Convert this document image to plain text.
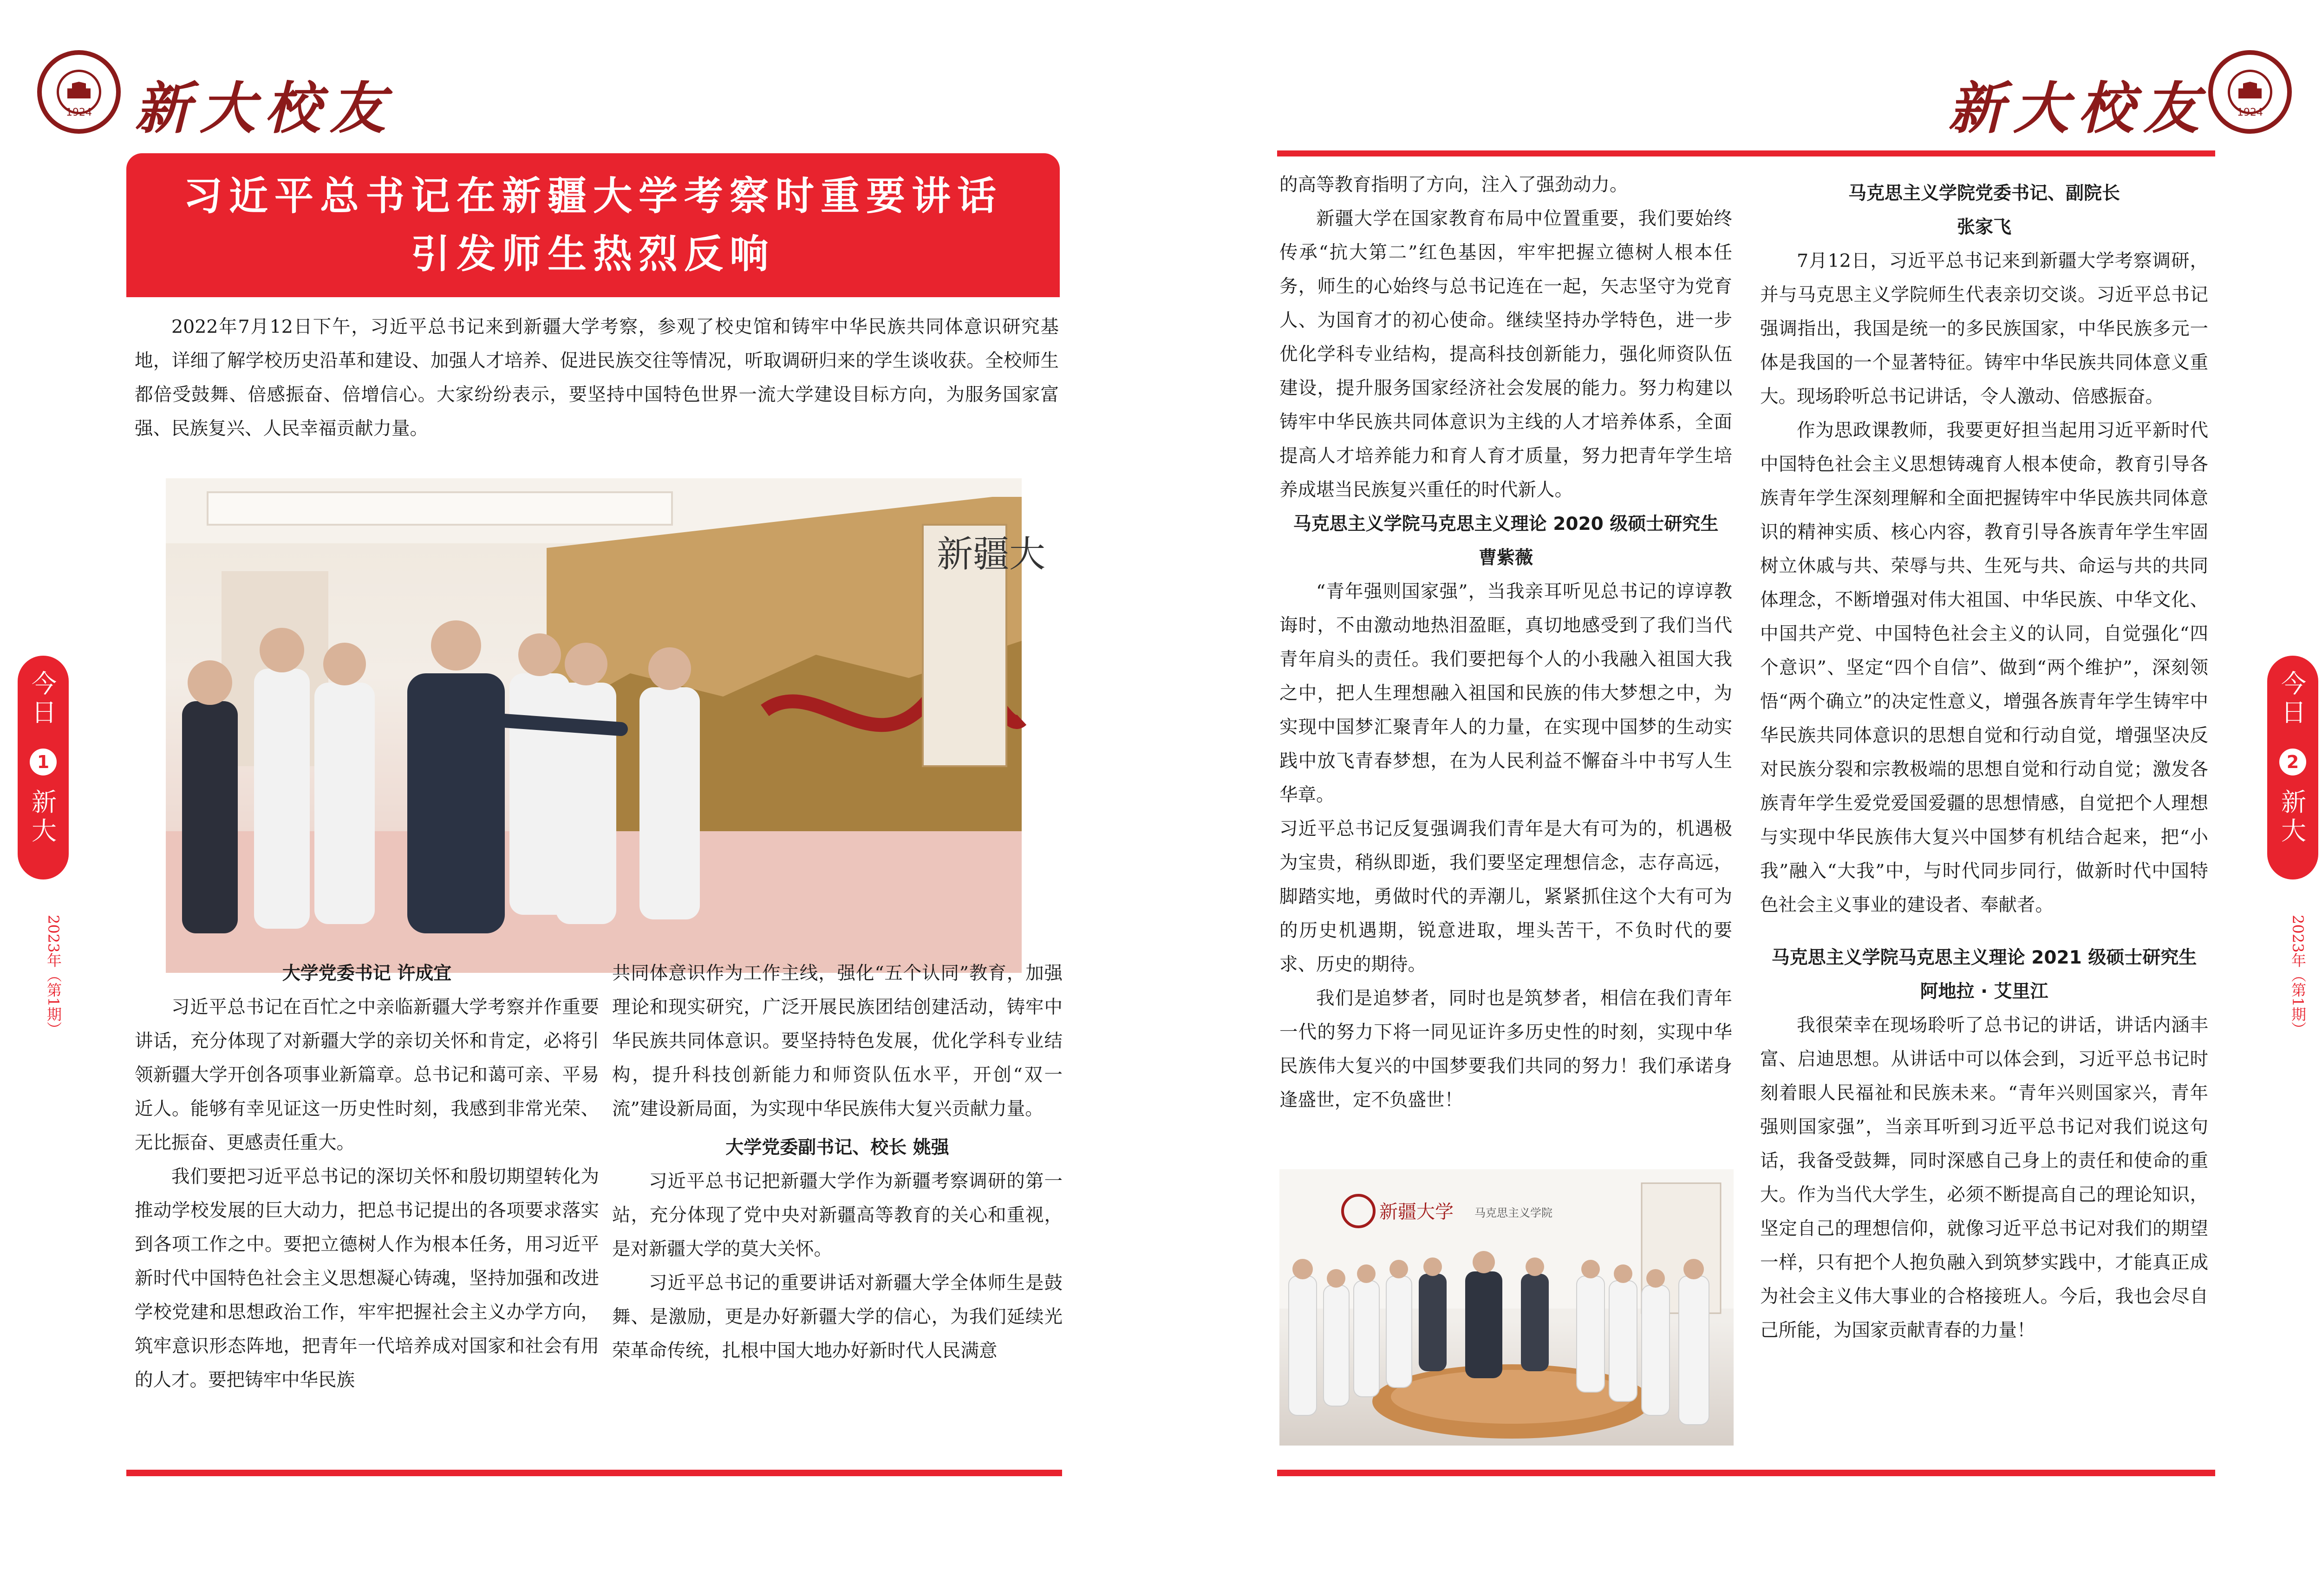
1924 新大校友	新大校友	1924
习近平总书记在新疆大学考察时重要讲话
引发师生热烈反响

2022年7月12日下午，习近平总书记来到新疆大学考察，参观了校史馆和铸牢中华民族共同体意识研究基地，详细了解学校历史沿革和建设、加强人才培养、促进民族交往等情况，听取调研归来的学生谈收获。全校师生都倍受鼓舞、倍感振奋、倍增信心。大家纷纷表示，要坚持中国特色世界一流大学建设目标方向，为服务国家富强、民族复兴、人民幸福贡献力量。

新疆大
大学党委书记 许成宜

习近平总书记在百忙之中亲临新疆大学考察并作重要讲话，充分体现了对新疆大学的亲切关怀和肯定，必将引领新疆大学开创各项事业新篇章。总书记和蔼可亲、平易近人。能够有幸见证这一历史性时刻，我感到非常光荣、无比振奋、更感责任重大。

我们要把习近平总书记的深切关怀和殷切期望转化为推动学校发展的巨大动力，把总书记提出的各项要求落实到各项工作之中。要把立德树人作为根本任务，用习近平新时代中国特色社会主义思想凝心铸魂，坚持加强和改进学校党建和思想政治工作，牢牢把握社会主义办学方向，筑牢意识形态阵地，把青年一代培养成对国家和社会有用的人才。要把铸牢中华民族

共同体意识作为工作主线，强化“五个认同”教育，加强理论和现实研究，广泛开展民族团结创建活动，铸牢中华民族共同体意识。要坚持特色发展，优化学科专业结构，提升科技创新能力和师资队伍水平，开创“双一流”建设新局面，为实现中华民族伟大复兴贡献力量。

大学党委副书记、校长 姚强

习近平总书记把新疆大学作为新疆考察调研的第一站，充分体现了党中央对新疆高等教育的关心和重视，是对新疆大学的莫大关怀。

习近平总书记的重要讲话对新疆大学全体师生是鼓舞、是激励，更是办好新疆大学的信心，为我们延续光荣革命传统，扎根中国大地办好新时代人民满意

的高等教育指明了方向，注入了强劲动力。

新疆大学在国家教育布局中位置重要，我们要始终传承“抗大第二”红色基因，牢牢把握立德树人根本任务，师生的心始终与总书记连在一起，矢志坚守为党育人、为国育才的初心使命。继续坚持办学特色，进一步优化学科专业结构，提高科技创新能力，强化师资队伍建设，提升服务国家经济社会发展的能力。努力构建以铸牢中华民族共同体意识为主线的人才培养体系，全面提高人才培养能力和育人育才质量，努力把青年学生培养成堪当民族复兴重任的时代新人。

马克思主义学院马克思主义理论 2020 级硕士研究生
曹紫薇

“青年强则国家强”，当我亲耳听见总书记的谆谆教诲时，不由激动地热泪盈眶，真切地感受到了我们当代青年肩头的责任。我们要把每个人的小我融入祖国大我之中，把人生理想融入祖国和民族的伟大梦想之中，为实现中国梦汇聚青年人的力量，在实现中国梦的生动实践中放飞青春梦想，在为人民利益不懈奋斗中书写人生华章。

习近平总书记反复强调我们青年是大有可为的，机遇极为宝贵，稍纵即逝，我们要坚定理想信念，志存高远，脚踏实地，勇做时代的弄潮儿，紧紧抓住这个大有可为的历史机遇期，锐意进取，埋头苦干，不负时代的要求、历史的期待。

我们是追梦者，同时也是筑梦者，相信在我们青年一代的努力下将一同见证许多历史性的时刻，实现中华民族伟大复兴的中国梦要我们共同的努力！我们承诺身逢盛世，定不负盛世！

新疆大学 马克思主义学院
马克思主义学院党委书记、副院长
张家飞

7月12日，习近平总书记来到新疆大学考察调研，并与马克思主义学院师生代表亲切交谈。习近平总书记强调指出，我国是统一的多民族国家，中华民族多元一体是我国的一个显著特征。铸牢中华民族共同体意义重大。现场聆听总书记讲话，令人激动、倍感振奋。

作为思政课教师，我要更好担当起用习近平新时代中国特色社会主义思想铸魂育人根本使命，教育引导各族青年学生深刻理解和全面把握铸牢中华民族共同体意识的精神实质、核心内容，教育引导各族青年学生牢固树立休戚与共、荣辱与共、生死与共、命运与共的共同体理念，不断增强对伟大祖国、中华民族、中华文化、中国共产党、中国特色社会主义的认同，自觉强化“四个意识”、坚定“四个自信”、做到“两个维护”，深刻领悟“两个确立”的决定性意义，增强各族青年学生铸牢中华民族共同体意识的思想自觉和行动自觉，增强坚决反对民族分裂和宗教极端的思想自觉和行动自觉；激发各族青年学生爱党爱国爱疆的思想情感，自觉把个人理想与实现中华民族伟大复兴中国梦有机结合起来，把“小我”融入“大我”中，与时代同步同行，做新时代中国特色社会主义事业的建设者、奉献者。

马克思主义学院马克思主义理论 2021 级硕士研究生
阿地拉 · 艾里江

我很荣幸在现场聆听了总书记的讲话，讲话内涵丰富、启迪思想。从讲话中可以体会到，习近平总书记时刻着眼人民福祉和民族未来。“青年兴则国家兴，青年强则国家强”，当亲耳听到习近平总书记对我们说这句话，我备受鼓舞，同时深感自己身上的责任和使命的重大。作为当代大学生，必须不断提高自己的理论知识，坚定自己的理想信仰，就像习近平总书记对我们的期望一样，只有把个人抱负融入到筑梦实践中，才能真正成为社会主义伟大事业的合格接班人。今后，我也会尽自己所能，为国家贡献青春的力量！

今日
1
新大
2023年（第1期）
今日
2
新大
2023年（第1期）
